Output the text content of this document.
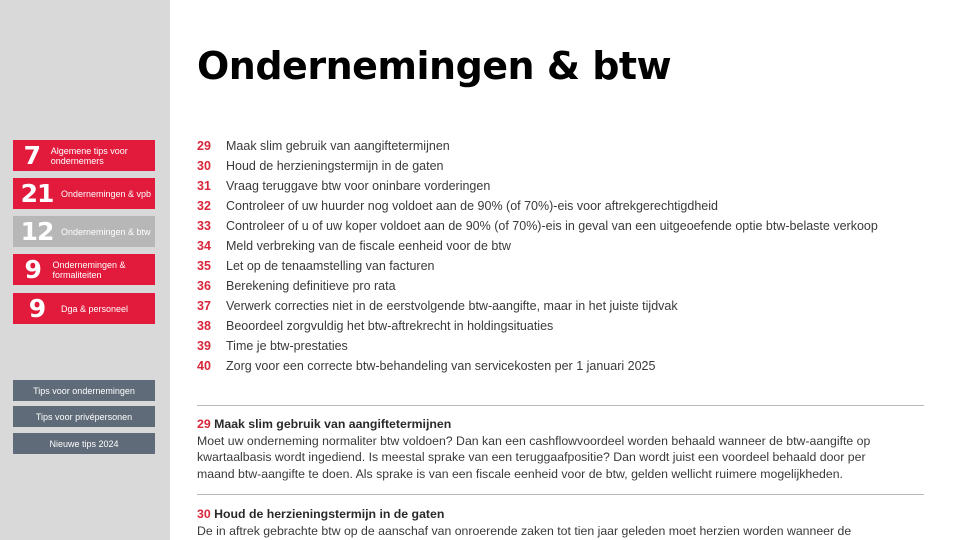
7	Algemene tips voor ondernemers
21 Ondernemingen & vpb
12 Ondernemingen & btw
9	Ondernemingen & formaliteiten
9	Dga & personeel
Tips voor ondernemingen
Tips voor privépersonen
Nieuwe tips 2024
Ondernemingen & btw
29	Maak slim gebruik van aangiftetermijnen
30	Houd de herzieningstermijn in de gaten
31	Vraag teruggave btw voor oninbare vorderingen
32	Controleer of uw huurder nog voldoet aan de 90% (of 70%)-eis voor aftrekgerechtigdheid
33	Controleer of u of uw koper voldoet aan de 90% (of 70%)-eis in geval van een uitgeoefende optie btw-belaste verkoop
34	Meld verbreking van de fiscale eenheid voor de btw
35	Let op de tenaamstelling van facturen
36	Berekening definitieve pro rata
37	Verwerk correcties niet in de eerstvolgende btw-aangifte, maar in het juiste tijdvak
38	Beoordeel zorgvuldig het btw-aftrekrecht in holdingsituaties
39	Time je btw-prestaties
40	Zorg voor een correcte btw-behandeling van servicekosten per 1 januari 2025
29 Maak slim gebruik van aangiftetermijnen
Moet uw onderneming normaliter btw voldoen? Dan kan een cashflowvoordeel worden behaald wanneer de btw-aangifte op
kwartaalbasis wordt ingediend. Is meestal sprake van een teruggaafpositie? Dan wordt juist een voordeel behaald door per
maand btw-aangifte te doen. Als sprake is van een fiscale eenheid voor de btw, gelden wellicht ruimere mogelijkheden.
30 Houd de herzieningstermijn in de gaten
De in aftrek gebrachte btw op de aanschaf van onroerende zaken tot tien jaar geleden moet herzien worden wanneer de
